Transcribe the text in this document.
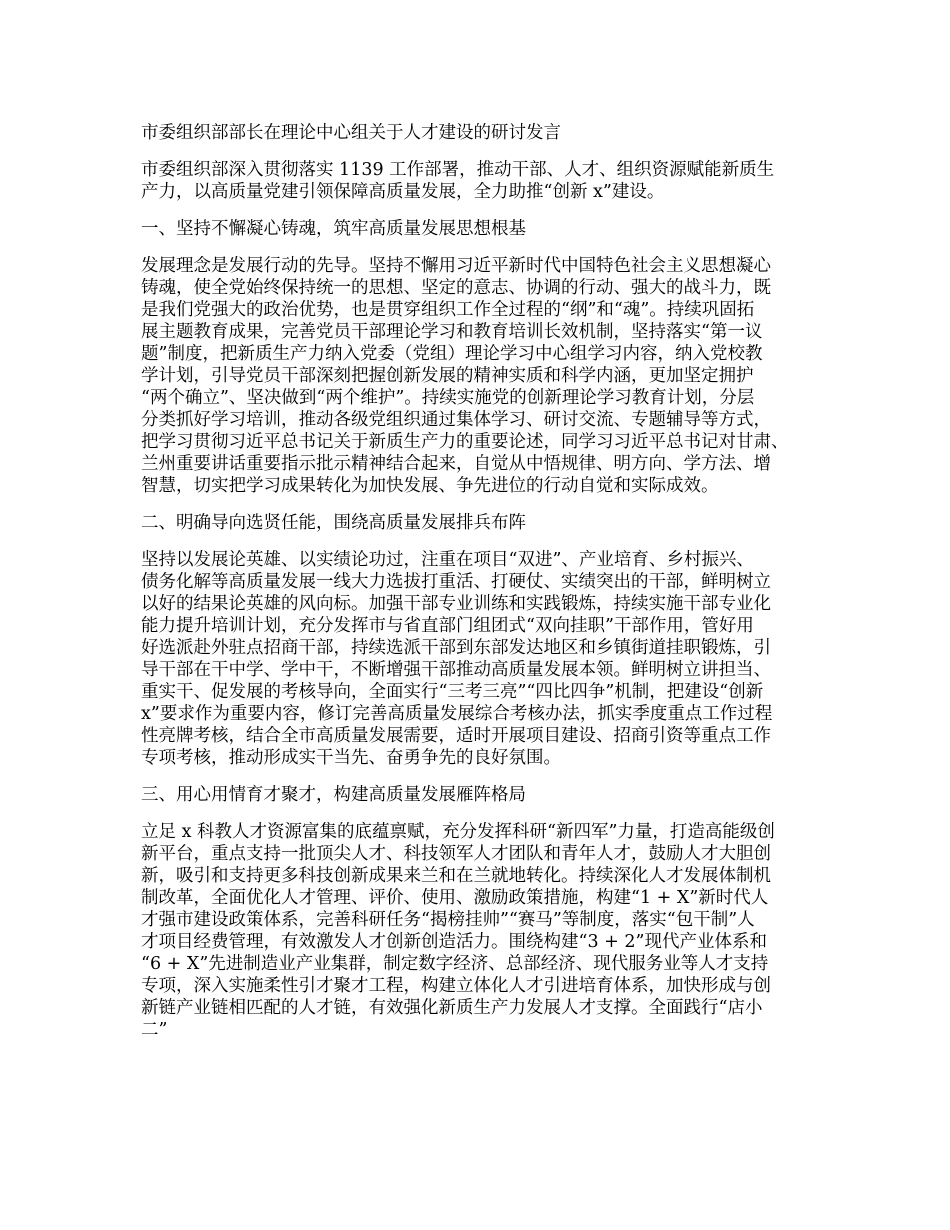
市委组织部部长在理论中心组关于人才建设的研讨发言
市委组织部深入贯彻落实 1139 工作部署，推动干部、人才、组织资源赋能新质生
产力，以高质量党建引领保障高质量发展，全力助推“创新 x”建设。
一、坚持不懈凝心铸魂，筑牢高质量发展思想根基
发展理念是发展行动的先导。坚持不懈用习近平新时代中国特色社会主义思想凝心
铸魂，使全党始终保持统一的思想、坚定的意志、协调的行动、强大的战斗力，既
是我们党强大的政治优势，也是贯穿组织工作全过程的“纲”和“魂”。持续巩固拓
展主题教育成果，完善党员干部理论学习和教育培训长效机制，坚持落实“第一议
题”制度，把新质生产力纳入党委（党组）理论学习中心组学习内容，纳入党校教
学计划，引导党员干部深刻把握创新发展的精神实质和科学内涵，更加坚定拥护
“两个确立”、坚决做到“两个维护”。持续实施党的创新理论学习教育计划，分层
分类抓好学习培训，推动各级党组织通过集体学习、研讨交流、专题辅导等方式，
把学习贯彻习近平总书记关于新质生产力的重要论述，同学习习近平总书记对甘肃、
兰州重要讲话重要指示批示精神结合起来，自觉从中悟规律、明方向、学方法、增
智慧，切实把学习成果转化为加快发展、争先进位的行动自觉和实际成效。
二、明确导向选贤任能，围绕高质量发展排兵布阵
坚持以发展论英雄、以实绩论功过，注重在项目“双进”、产业培育、乡村振兴、
债务化解等高质量发展一线大力选拔打重活、打硬仗、实绩突出的干部，鲜明树立
以好的结果论英雄的风向标。加强干部专业训练和实践锻炼，持续实施干部专业化
能力提升培训计划，充分发挥市与省直部门组团式“双向挂职”干部作用，管好用
好选派赴外驻点招商干部，持续选派干部到东部发达地区和乡镇街道挂职锻炼，引
导干部在干中学、学中干，不断增强干部推动高质量发展本领。鲜明树立讲担当、
重实干、促发展的考核导向，全面实行“三考三亮”“四比四争”机制，把建设“创新
x”要求作为重要内容，修订完善高质量发展综合考核办法，抓实季度重点工作过程
性亮牌考核，结合全市高质量发展需要，适时开展项目建设、招商引资等重点工作
专项考核，推动形成实干当先、奋勇争先的良好氛围。
三、用心用情育才聚才，构建高质量发展雁阵格局
立足 x 科教人才资源富集的底蕴禀赋，充分发挥科研“新四军”力量，打造高能级创
新平台，重点支持一批顶尖人才、科技领军人才团队和青年人才，鼓励人才大胆创
新，吸引和支持更多科技创新成果来兰和在兰就地转化。持续深化人才发展体制机
制改革，全面优化人才管理、评价、使用、激励政策措施，构建“1 + X”新时代人
才强市建设政策体系，完善科研任务“揭榜挂帅”“赛马”等制度，落实“包干制”人
才项目经费管理，有效激发人才创新创造活力。围绕构建“3 + 2”现代产业体系和
“6 + X”先进制造业产业集群，制定数字经济、总部经济、现代服务业等人才支持
专项，深入实施柔性引才聚才工程，构建立体化人才引进培育体系，加快形成与创
新链产业链相匹配的人才链，有效强化新质生产力发展人才支撑。全面践行“店小
二”
